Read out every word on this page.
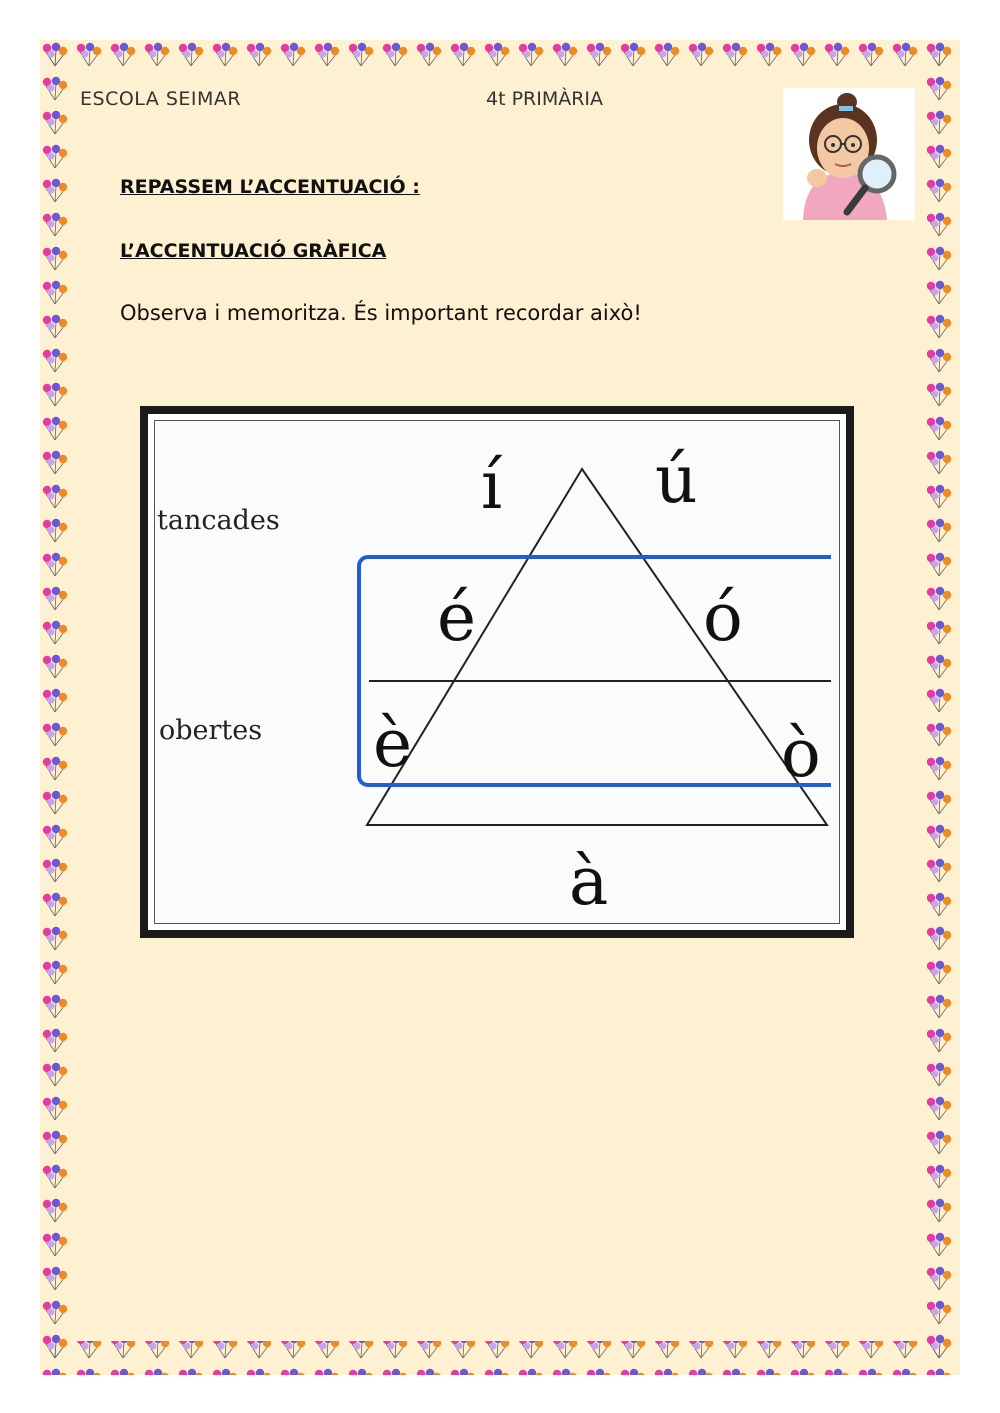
ESCOLA SEIMAR	4t PRIMÀRIA
REPASSEM L’ACCENTUACIÓ :
L’ACCENTUACIÓ GRÀFICA
Observa i memoritza. És important recordar això!
tancades
obertes
í ú
é	ó
è	ò
à
